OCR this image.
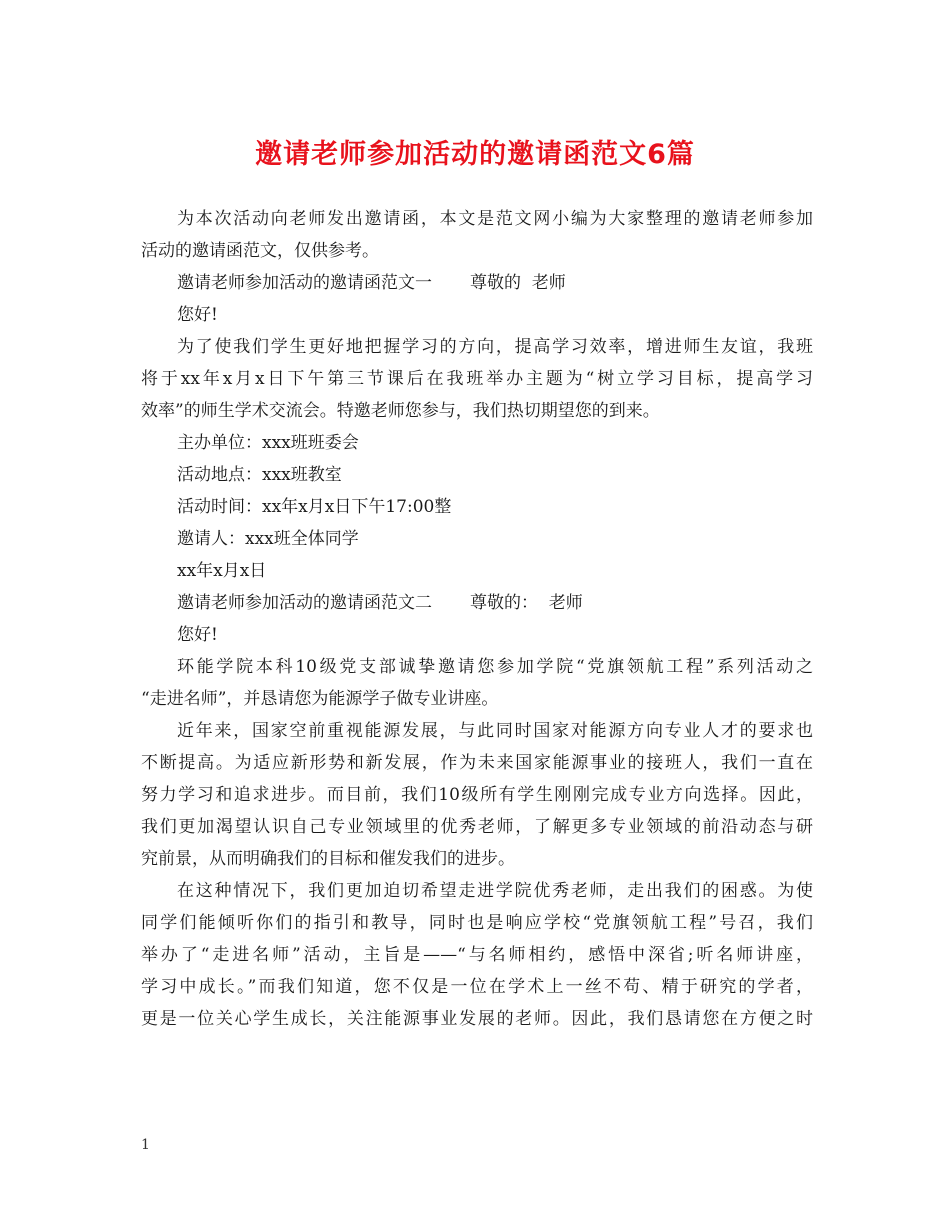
邀请老师参加活动的邀请函范文6篇
为本次活动向老师发出邀请函，本文是范文网小编为大家整理的邀请老师参加
活动的邀请函范文，仅供参考。
邀请老师参加活动的邀请函范文一 尊敬的  老师
您好!
为了使我们学生更好地把握学习的方向，提高学习效率，增进师生友谊，我班
将于xx年x月x日下午第三节课后在我班举办主题为“树立学习目标，提高学习
效率”的师生学术交流会。特邀老师您参与，我们热切期望您的到来。
主办单位：xxx班班委会
活动地点：xxx班教室
活动时间：xx年x月x日下午17:00整
邀请人：xxx班全体同学
xx年x月x日
邀请老师参加活动的邀请函范文二 尊敬的：  老师
您好!
环能学院本科10级党支部诚挚邀请您参加学院“党旗领航工程”系列活动之
“走进名师”，并恳请您为能源学子做专业讲座。
近年来，国家空前重视能源发展，与此同时国家对能源方向专业人才的要求也
不断提高。为适应新形势和新发展，作为未来国家能源事业的接班人，我们一直在
努力学习和追求进步。而目前，我们10级所有学生刚刚完成专业方向选择。因此，
我们更加渴望认识自己专业领域里的优秀老师，了解更多专业领域的前沿动态与研
究前景，从而明确我们的目标和催发我们的进步。
在这种情况下，我们更加迫切希望走进学院优秀老师，走出我们的困惑。为使
同学们能倾听你们的指引和教导，同时也是响应学校“党旗领航工程”号召，我们
举办了“走进名师”活动，主旨是——“与名师相约，感悟中深省;听名师讲座，
学习中成长。”而我们知道，您不仅是一位在学术上一丝不苟、精于研究的学者，
更是一位关心学生成长，关注能源事业发展的老师。因此，我们恳请您在方便之时
1
